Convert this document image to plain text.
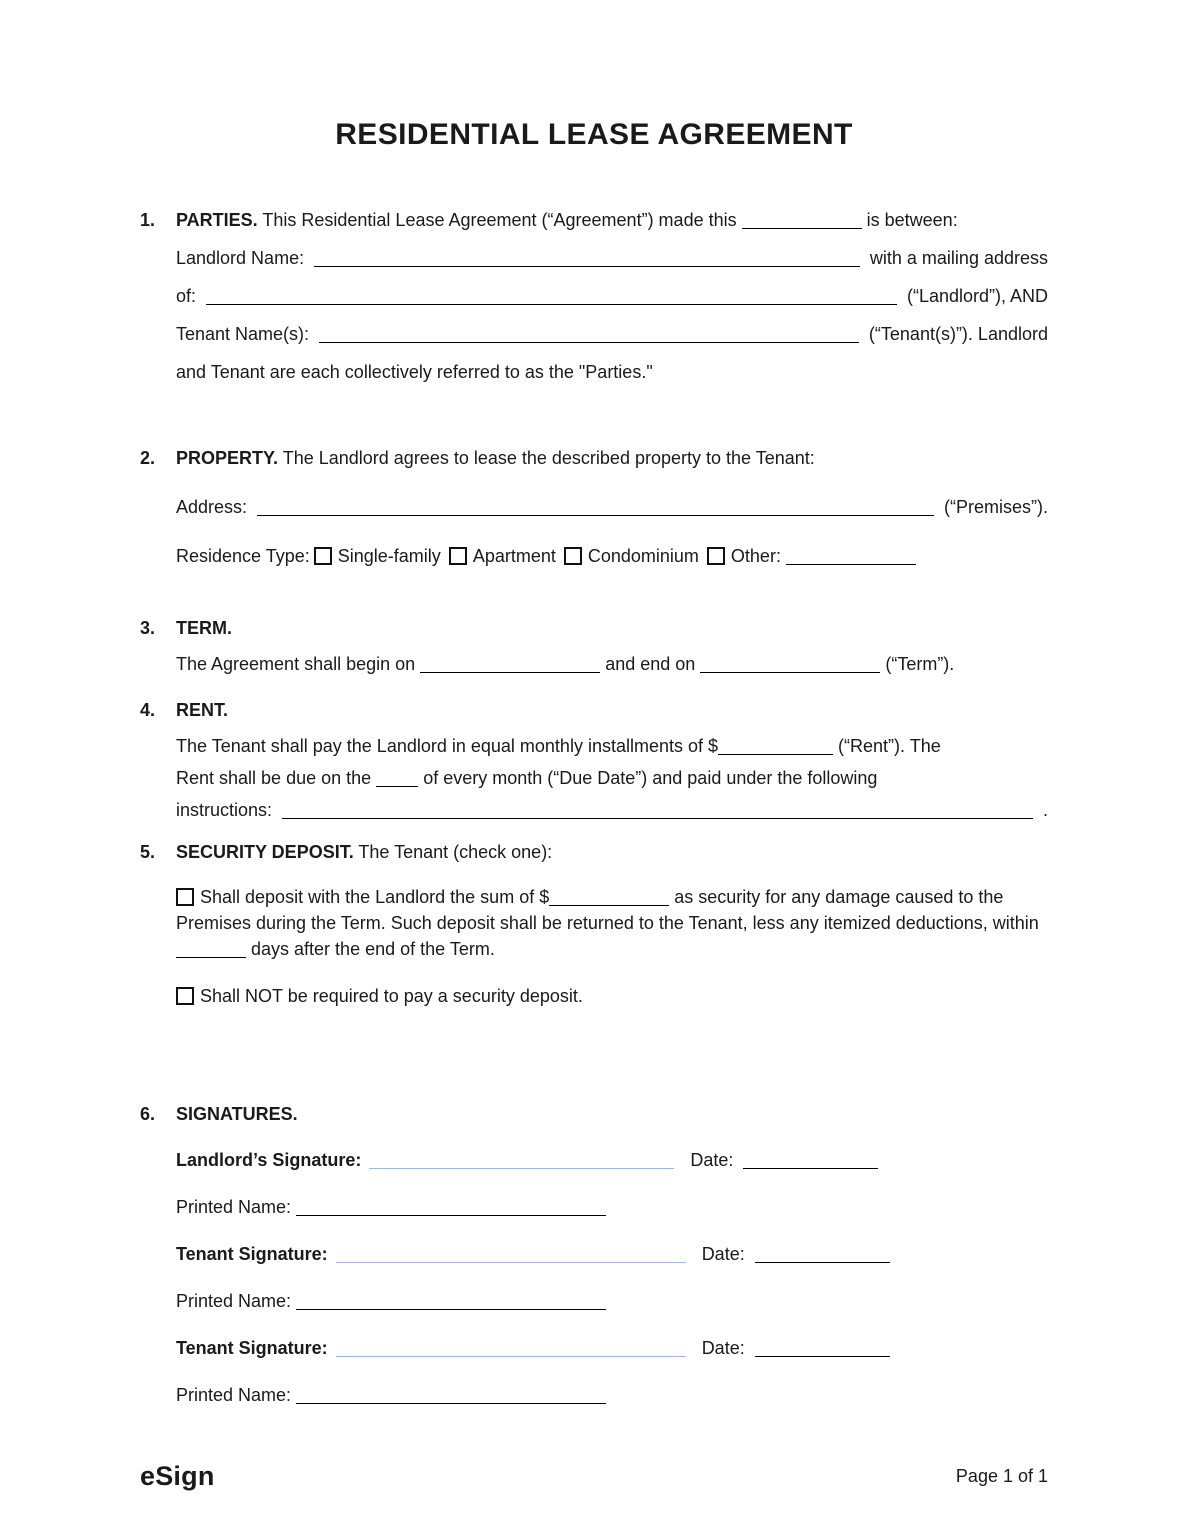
RESIDENTIAL LEASE AGREEMENT
1.	PARTIES. This Residential Lease Agreement (“Agreement”) made this	is between:
Landlord Name:	with a mailing address
of:	(“Landlord”), AND
Tenant Name(s):	(“Tenant(s)”). Landlord
and Tenant are each collectively referred to as the "Parties."
2.	PROPERTY. The Landlord agrees to lease the described property to the Tenant:
Address:	(“Premises”).
Residence Type: Single-family Apartment Condominium Other:
3.	TERM.
The Agreement shall begin on	and end on	(“Term”).
4.	RENT.
The Tenant shall pay the Landlord in equal monthly installments of $	(“Rent”). The
Rent shall be due on the	of every month (“Due Date”) and paid under the following
instructions:	.
5.	SECURITY DEPOSIT. The Tenant (check one):

Shall deposit with the Landlord the sum of $	as security for any damage caused to the Premises during the Term. Such deposit shall be returned to the Tenant, less any itemized deductions, within  days after the end of the Term.

Shall NOT be required to pay a security deposit.
6.	SIGNATURES.
Landlord’s Signature:	Date:
Printed Name:
Tenant Signature:	Date:
Printed Name:
Tenant Signature:	Date:
Printed Name:
eSign	Page 1 of 1
